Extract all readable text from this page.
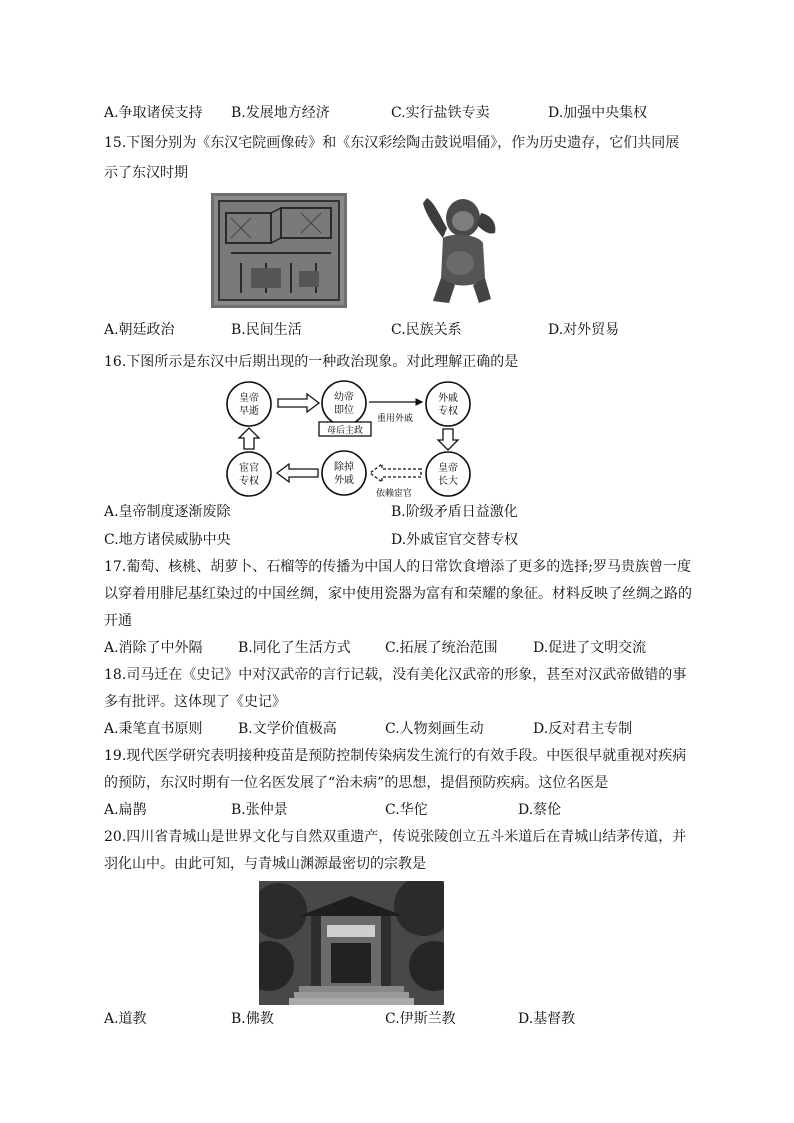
A.争取诸侯支持 B.发展地方经济	C.实行盐铁专卖	D.加强中央集权
15.下图分别为《东汉宅院画像砖》和《东汉彩绘陶击鼓说唱俑》，作为历史遗存，它们共同展
示了东汉时期
A.朝廷政治	B.民间生活	C.民族关系	D.对外贸易
16.下图所示是东汉中后期出现的一种政治现象。对此理解正确的是
皇帝
早逝
幼帝
即位
外戚
专权
宦官
专权
除掉
外戚
皇帝
长大
重用外戚
母后主政
依赖宦官
A.皇帝制度逐渐废除	B.阶级矛盾日益激化
C.地方诸侯威胁中央	D.外戚宦官交替专权
17.葡萄、核桃、胡萝卜、石榴等的传播为中国人的日常饮食增添了更多的选择;罗马贵族曾一度
以穿着用腓尼基红染过的中国丝绸，家中使用瓷器为富有和荣耀的象征。材料反映了丝绸之路的
开通
A.消除了中外隔	B.同化了生活方式 C.拓展了统治范围	D.促进了文明交流
18.司马迁在《史记》中对汉武帝的言行记载，没有美化汉武帝的形象，甚至对汉武帝做错的事
多有批评。这体现了《史记》
A.秉笔直书原则	B.文学价值极高	C.人物刻画生动	D.反对君主专制
19.现代医学研究表明接种疫苗是预防控制传染病发生流行的有效手段。中医很早就重视对疾病
的预防，东汉时期有一位名医发展了“治未病”的思想，提倡预防疾病。这位名医是
A.扁鹊	B.张仲景	C.华佗	D.蔡伦
20.四川省青城山是世界文化与自然双重遗产，传说张陵创立五斗米道后在青城山结茅传道，并
羽化山中。由此可知，与青城山渊源最密切的宗教是
A.道教	B.佛教	C.伊斯兰教	D.基督教
